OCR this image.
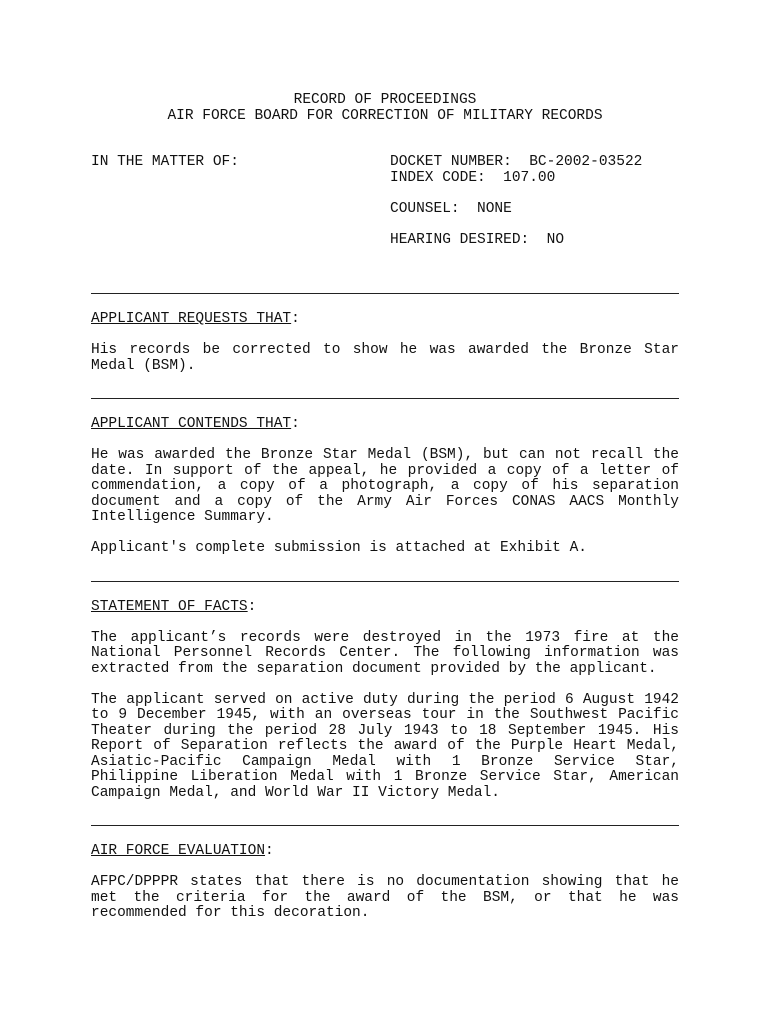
RECORD OF PROCEEDINGS

AIR FORCE BOARD FOR CORRECTION OF MILITARY RECORDS

IN THE MATTER OF:	DOCKET NUMBER:  BC-2002-03522

INDEX CODE:  107.00

COUNSEL:  NONE

HEARING DESIRED:  NO

APPLICANT REQUESTS THAT:

His records be corrected to show he was awarded the Bronze Star Medal (BSM).

APPLICANT CONTENDS THAT:

He was awarded the Bronze Star Medal (BSM), but can not recall the date. In support of the appeal, he provided a copy of a letter of commendation, a copy of a photograph, a copy of his separation document and a copy of the Army Air Forces CONAS AACS Monthly Intelligence Summary.

Applicant's complete submission is attached at Exhibit A.

STATEMENT OF FACTS:

The applicant’s records were destroyed in the 1973 fire at the National Personnel Records Center. The following information was extracted from the separation document provided by the applicant.

The applicant served on active duty during the period 6 August 1942 to 9 December 1945, with an overseas tour in the Southwest Pacific Theater during the period 28 July 1943 to 18 September 1945. His Report of Separation reflects the award of the Purple Heart Medal, Asiatic-Pacific Campaign Medal with 1 Bronze Service Star, Philippine Liberation Medal with 1 Bronze Service Star, American Campaign Medal, and World War II Victory Medal.

AIR FORCE EVALUATION:

AFPC/DPPPR states that there is no documentation showing that he met the criteria for the award of the BSM, or that he was recommended for this decoration.
